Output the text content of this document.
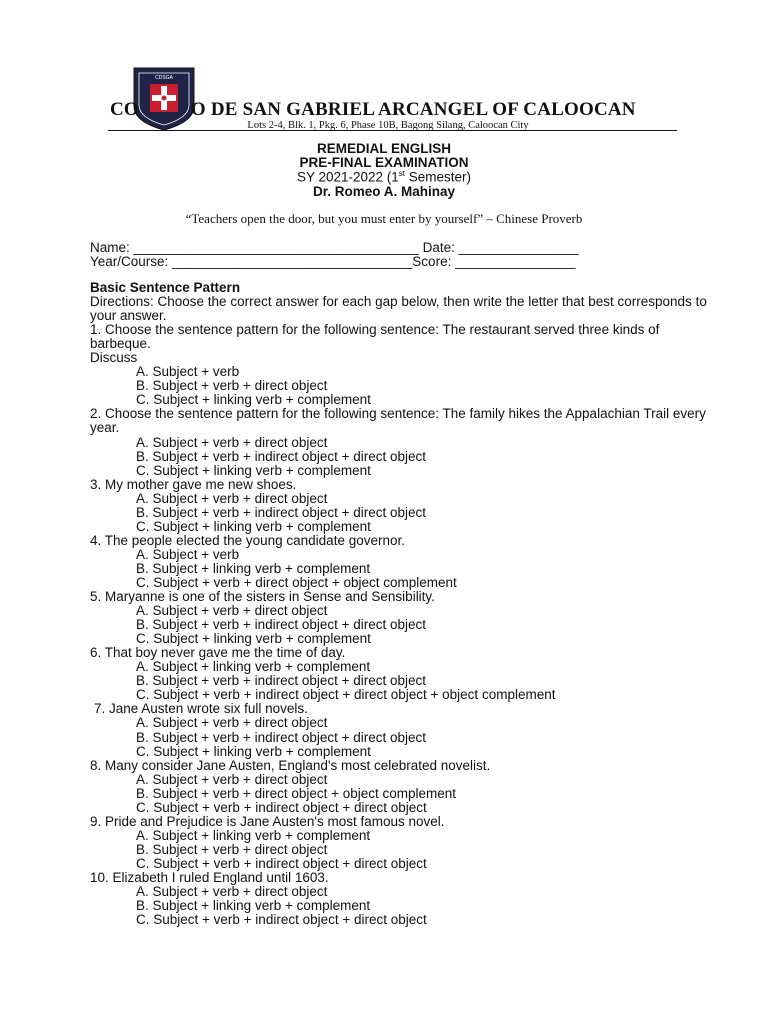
CDSGA
CO	O DE SAN GABRIEL ARCANGEL OF CALOOCAN
Lots 2-4, Blk. 1, Pkg. 6, Phase 10B, Bagong Silang, Caloocan City
REMEDIAL ENGLISH
PRE-FINAL EXAMINATION
SY 2021-2022 (1st Semester)
Dr. Romeo A. Mahinay
“Teachers open the door, but you must enter by yourself” – Chinese Proverb
Name: ______________________________________ Date: ________________
Year/Course: ________________________________Score: ________________

Basic Sentence Pattern

Directions: Choose the correct answer for each gap below, then write the letter that best corresponds to your answer.

1. Choose the sentence pattern for the following sentence: The restaurant served three kinds of barbeque.

Discuss

A. Subject + verb

B. Subject + verb + direct object

C. Subject + linking verb + complement

2. Choose the sentence pattern for the following sentence: The family hikes the Appalachian Trail every year.

A. Subject + verb + direct object

B. Subject + verb + indirect object + direct object

C. Subject + linking verb + complement

3. My mother gave me new shoes.

A. Subject + verb + direct object

B. Subject + verb + indirect object + direct object

C. Subject + linking verb + complement

4. The people elected the young candidate governor.

A. Subject + verb

B. Subject + linking verb + complement

C. Subject + verb + direct object + object complement

5. Maryanne is one of the sisters in Sense and Sensibility.

A. Subject + verb + direct object

B. Subject + verb + indirect object + direct object

C. Subject + linking verb + complement

6. That boy never gave me the time of day.

A. Subject + linking verb + complement

B. Subject + verb + indirect object + direct object

C. Subject + verb + indirect object + direct object + object complement

7. Jane Austen wrote six full novels.

A. Subject + verb + direct object

B. Subject + verb + indirect object + direct object

C. Subject + linking verb + complement

8. Many consider Jane Austen, England's most celebrated novelist.

A. Subject + verb + direct object

B. Subject + verb + direct object + object complement

C. Subject + verb + indirect object + direct object

9. Pride and Prejudice is Jane Austen's most famous novel.

A. Subject + linking verb + complement

B. Subject + verb + direct object

C. Subject + verb + indirect object + direct object

10. Elizabeth I ruled England until 1603.

A. Subject + verb + direct object

B. Subject + linking verb + complement

C. Subject + verb + indirect object + direct object
